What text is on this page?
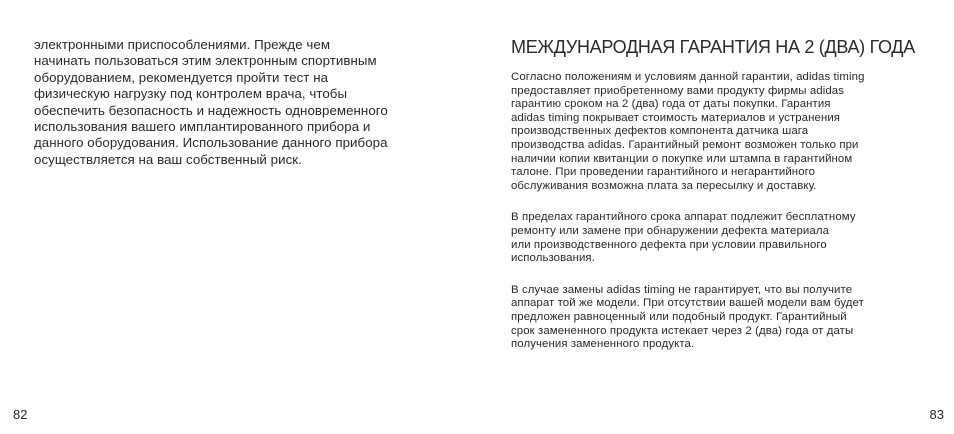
электронными приспособлениями. Прежде чем
начинать пользоваться этим электронным спортивным
оборудованием, рекомендуется пройти тест на
физическую нагрузку под контролем врача, чтобы
обеспечить безопасность и надежность одновременного
использования вашего имплантированного прибора и
данного оборудования. Использование данного прибора
осуществляется на ваш собственный риск.

МЕЖДУНАРОДНАЯ ГАРАНТИЯ НА 2 (ДВА) ГОДА

Согласно положениям и условиям данной гарантии, adidas timing
предоставляет приобретенному вами продукту фирмы adidas
гарантию сроком на 2 (два) года от даты покупки. Гарантия
adidas timing покрывает стоимость материалов и устранения
производственных дефектов компонента датчика шага
производства adidas. Гарантийный ремонт возможен только при
наличии копии квитанции о покупке или штампа в гарантийном
талоне. При проведении гарантийного и негарантийного
обслуживания возможна плата за пересылку и доставку.

В пределах гарантийного срока аппарат подлежит бесплатному
ремонту или замене при обнаружении дефекта материала
или производственного дефекта при условии правильного
использования.

В случае замены adidas timing не гарантирует, что вы получите
аппарат той же модели. При отсутствии вашей модели вам будет
предложен равноценный или подобный продукт. Гарантийный
срок замененного продукта истекает через 2 (два) года от даты
получения замененного продукта.

82	83
